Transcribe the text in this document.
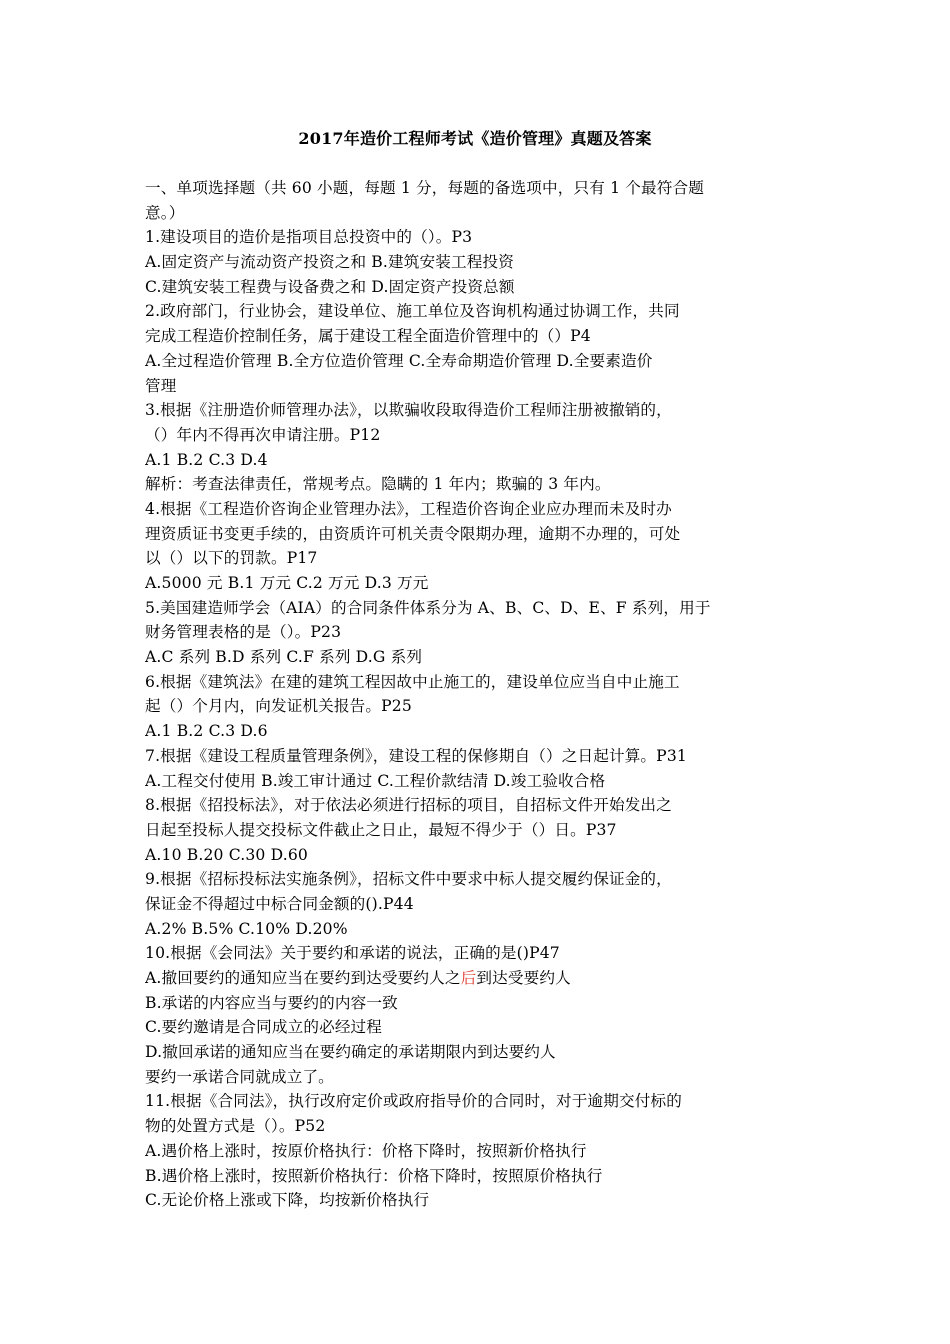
2017年造价工程师考试《造价管理》真题及答案
一、单项选择题（共 60 小题，每题 1 分，每题的备选项中，只有 1 个最符合题
意。）
1.建设项目的造价是指项目总投资中的（）。P3
A.固定资产与流动资产投资之和 B.建筑安装工程投资
C.建筑安装工程费与设备费之和 D.固定资产投资总额
2.政府部门，行业协会，建设单位、施工单位及咨询机构通过协调工作，共同
完成工程造价控制任务，属于建设工程全面造价管理中的（）P4
A.全过程造价管理 B.全方位造价管理 C.全寿命期造价管理 D.全要素造价
管理
3.根据《注册造价师管理办法》，以欺骗收段取得造价工程师注册被撤销的，
（）年内不得再次申请注册。P12
A.1 B.2 C.3 D.4
解析：考查法律责任，常规考点。隐瞒的 1 年内；欺骗的 3 年内。
4.根据《工程造价咨询企业管理办法》，工程造价咨询企业应办理而未及时办
理资质证书变更手续的，由资质许可机关责令限期办理，逾期不办理的，可处
以（）以下的罚款。P17
A.5000 元 B.1 万元 C.2 万元 D.3 万元
5.美国建造师学会（AIA）的合同条件体系分为 A、B、C、D、E、F 系列，用于
财务管理表格的是（）。P23
A.C 系列 B.D 系列 C.F 系列 D.G 系列
6.根据《建筑法》在建的建筑工程因故中止施工的，建设单位应当自中止施工
起（）个月内，向发证机关报告。P25
A.1 B.2 C.3 D.6
7.根据《建设工程质量管理条例》，建设工程的保修期自（）之日起计算。P31
A.工程交付使用 B.竣工审计通过 C.工程价款结清 D.竣工验收合格
8.根据《招投标法》，对于依法必须进行招标的项目，自招标文件开始发出之
日起至投标人提交投标文件截止之日止，最短不得少于（）日。P37
A.10 B.20 C.30 D.60
9.根据《招标投标法实施条例》，招标文件中要求中标人提交履约保证金的，
保证金不得超过中标合同金额的().P44
A.2% B.5% C.10% D.20%
10.根据《会同法》关于要约和承诺的说法，正确的是()P47
A.撤回要约的通知应当在要约到达受要约人之后到达受要约人
B.承诺的内容应当与要约的内容一致
C.要约邀请是合同成立的必经过程
D.撤回承诺的通知应当在要约确定的承诺期限内到达要约人
要约一承诺合同就成立了。
11.根据《合同法》，执行改府定价或政府指导价的合同时，对于逾期交付标的
物的处置方式是（）。P52
A.遇价格上涨时，按原价格执行：价格下降时，按照新价格执行
B.遇价格上涨时，按照新价格执行：价格下降时，按照原价格执行
C.无论价格上涨或下降，均按新价格执行
